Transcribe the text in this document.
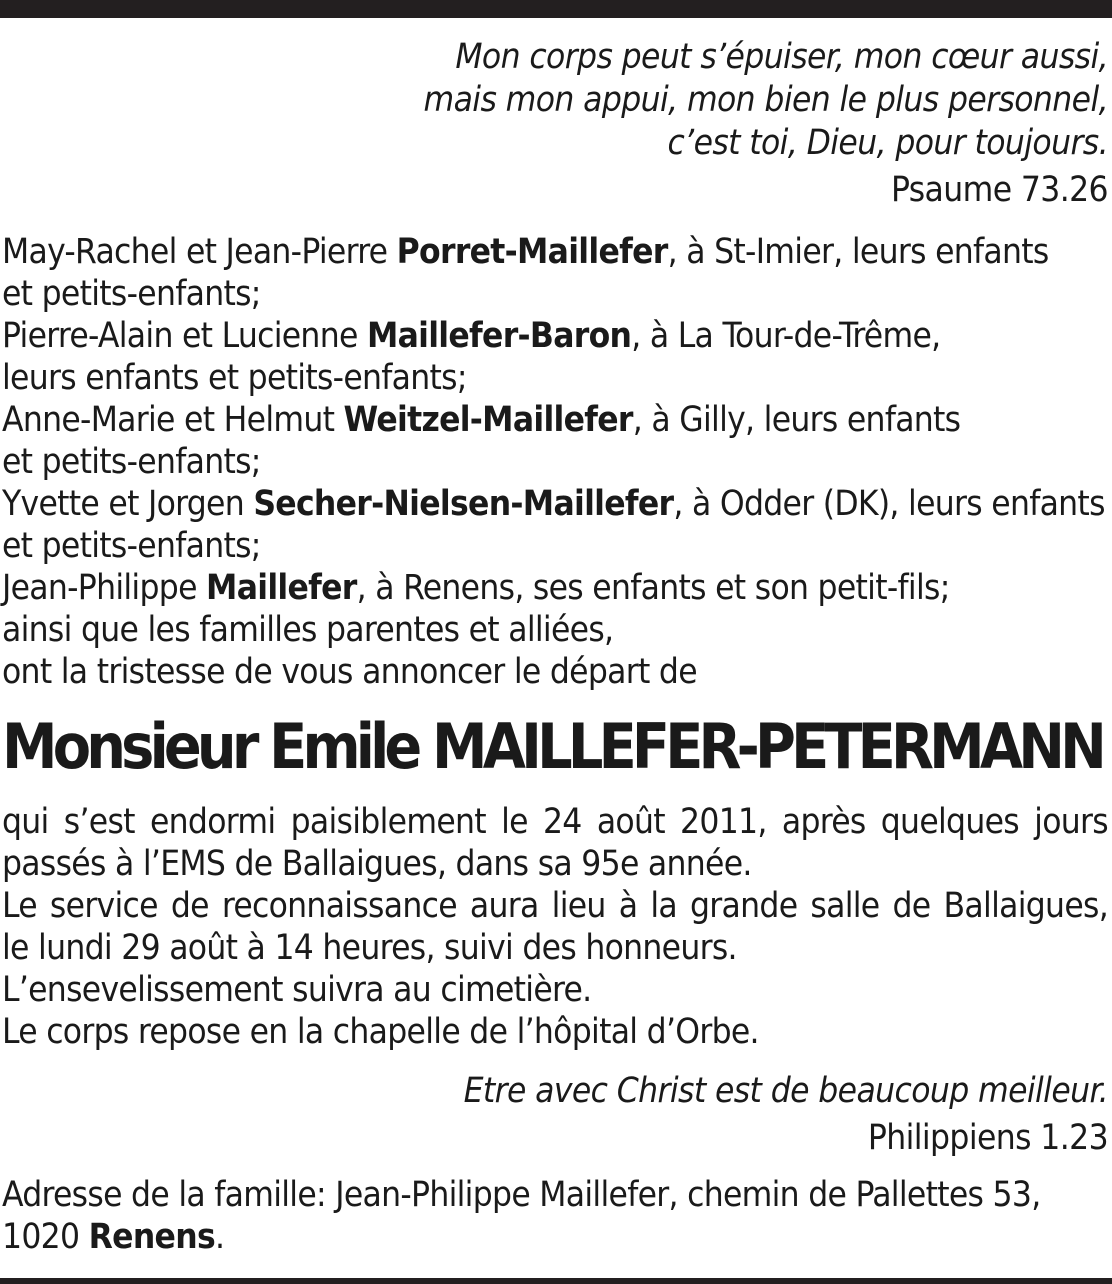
Mon corps peut s’épuiser, mon cœur aussi,
mais mon appui, mon bien le plus personnel,
c’est toi, Dieu, pour toujours.
Psaume 73.26
May-Rachel et Jean-Pierre Porret-Maillefer, à St-Imier, leurs enfants
et petits-enfants;
Pierre-Alain et Lucienne Maillefer-Baron, à La Tour-de-Trême,
leurs enfants et petits-enfants;
Anne-Marie et Helmut Weitzel-Maillefer, à Gilly, leurs enfants
et petits-enfants;
Yvette et Jorgen Secher-Nielsen-Maillefer, à Odder (DK), leurs enfants
et petits-enfants;
Jean-Philippe Maillefer, à Renens, ses enfants et son petit-fils;
ainsi que les familles parentes et alliées,
ont la tristesse de vous annoncer le départ de
Monsieur Emile MAILLEFER-PETERMANN
qui s’est endormi paisiblement le 24 août 2011, après quelques jours
passés à l’EMS de Ballaigues, dans sa 95e année.
Le service de reconnaissance aura lieu à la grande salle de Ballaigues,
le lundi 29 août à 14 heures, suivi des honneurs.
L’ensevelissement suivra au cimetière.
Le corps repose en la chapelle de l’hôpital d’Orbe.
Etre avec Christ est de beaucoup meilleur.
Philippiens 1.23
Adresse de la famille: Jean-Philippe Maillefer, chemin de Pallettes 53,
1020 Renens.
